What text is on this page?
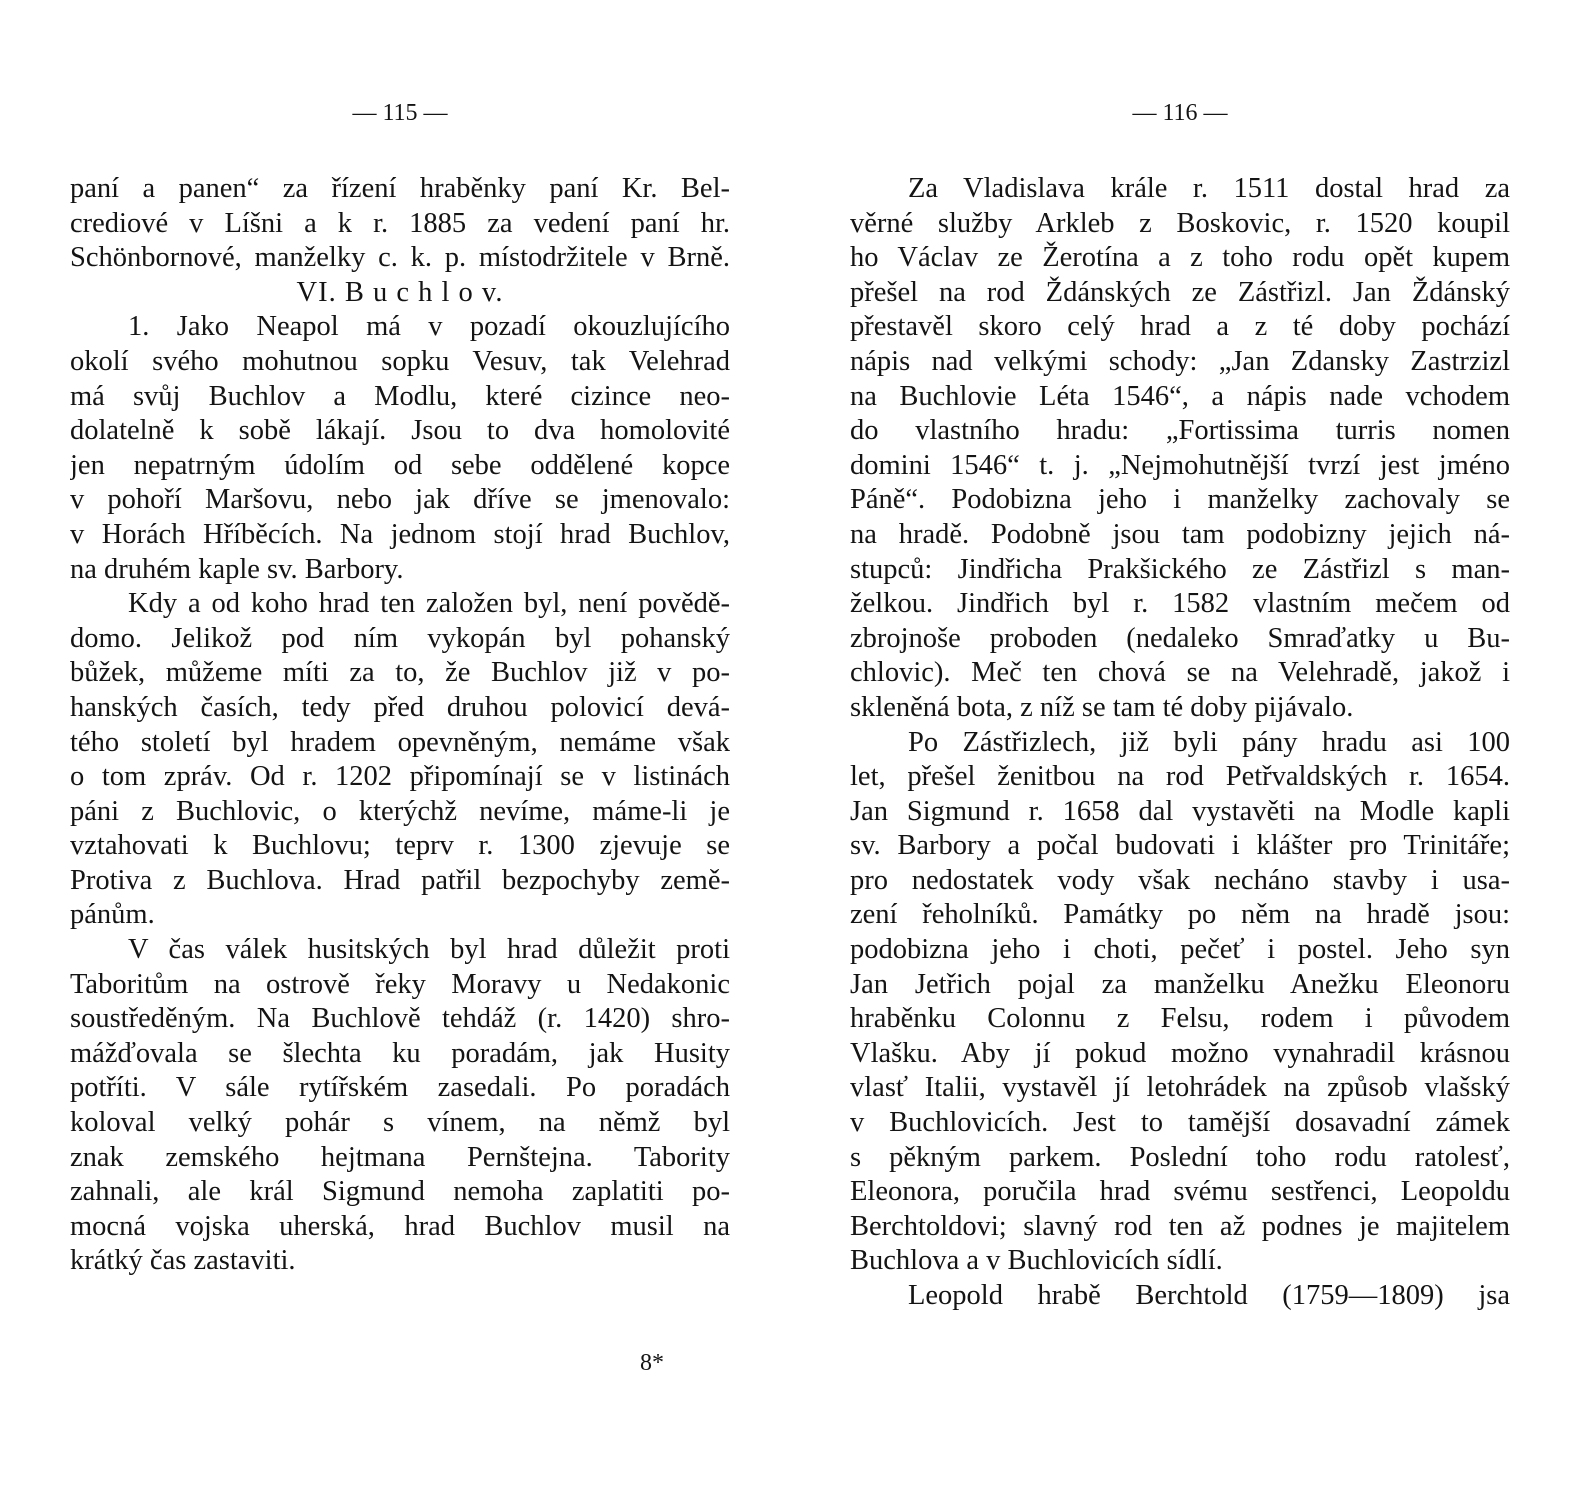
— 115 —
paní a panen“ za řízení hraběnky paní Kr. Bel-
crediové v Líšni a k r. 1885 za vedení paní hr.
Schönbornové, manželky c. k. p. místodržitele v Brně.
VI. B u c h l o v.
1. Jako Neapol má v pozadí okouzlujícího
okolí svého mohutnou sopku Vesuv, tak Velehrad
má svůj Buchlov a Modlu, které cizince neo-
dolatelně k sobě lákají. Jsou to dva homolovité
jen nepatrným údolím od sebe oddělené kopce
v pohoří Maršovu, nebo jak dříve se jmenovalo:
v Horách Hříběcích. Na jednom stojí hrad Buchlov,
na druhém kaple sv. Barbory.
Kdy a od koho hrad ten založen byl, není povědě-
domo. Jelikož pod ním vykopán byl pohanský
bůžek, můžeme míti za to, že Buchlov již v po-
hanských časích, tedy před druhou polovicí devá-
tého století byl hradem opevněným, nemáme však
o tom zpráv. Od r. 1202 připomínají se v listinách
páni z Buchlovic, o kterýchž nevíme, máme-li je
vztahovati k Buchlovu; teprv r. 1300 zjevuje se
Protiva z Buchlova. Hrad patřil bezpochyby země-
pánům.
V čas válek husitských byl hrad důležit proti
Taboritům na ostrově řeky Moravy u Nedakonic
soustředěným. Na Buchlově tehdáž (r. 1420) shro-
mážďovala se šlechta ku poradám, jak Husity
potříti. V sále rytířském zasedali. Po poradách
koloval velký pohár s vínem, na němž byl
znak zemského hejtmana Pernštejna. Taboritу
zahnali, ale král Sigmund nemoha zaplatiti po-
mocná vojska uherská, hrad Buchlov musil na
krátký čas zastaviti.
8*
— 116 —
Za Vladislava krále r. 1511 dostal hrad za
věrné služby Arkleb z Boskovic, r. 1520 koupil
ho Václav ze Žerotína a z toho rodu opět kupem
přešel na rod Ždánských ze Zástřizl. Jan Ždánský
přestavěl skoro celý hrad a z té doby pochází
nápis nad velkými schody: „Jan Zdansky Zastrzizl
na Buchlovie Léta 1546“, a nápis nade vchodem
do vlastního hradu: „Fortissima turris nomen
domini 1546“ t. j. „Nejmohutnější tvrzí jest jméno
Páně“. Podobizna jeho i manželky zachovaly se
na hradě. Podobně jsou tam podobizny jejich ná-
stupců: Jindřicha Prakšického ze Zástřizl s man-
želkou. Jindřich byl r. 1582 vlastním mečem od
zbrojnoše proboden (nedaleko Smraďatky u Bu-
chlovic). Meč ten chová se na Velehradě, jakož i
skleněná bota, z níž se tam té doby pijávalo.
Po Zástřizlech, již byli pány hradu asi 100
let, přešel ženitbou na rod Petřvaldských r. 1654.
Jan Sigmund r. 1658 dal vystavěti na Modle kapli
sv. Barbory a počal budovati i klášter pro Trinitáře;
pro nedostatek vody však necháno stavby i usa-
zení řeholníků. Památky po něm na hradě jsou:
podobizna jeho i choti, pečeť i postel. Jeho syn
Jan Jetřich pojal za manželku Anežku Eleonoru
hraběnku Colonnu z Felsu, rodem i původem
Vlašku. Aby jí pokud možno vynahradil krásnou
vlasť Italii, vystavěl jí letohrádek na způsob vlašský
v Buchlovicích. Jest to tamější dosavadní zámek
s pěkným parkem. Poslední toho rodu ratolesť,
Eleonora, poručila hrad svému sestřenci, Leopoldu
Berchtoldovi; slavný rod ten až podnes je majitelem
Buchlova a v Buchlovicích sídlí.
Leopold hrabě Berchtold (1759—1809) jsa
